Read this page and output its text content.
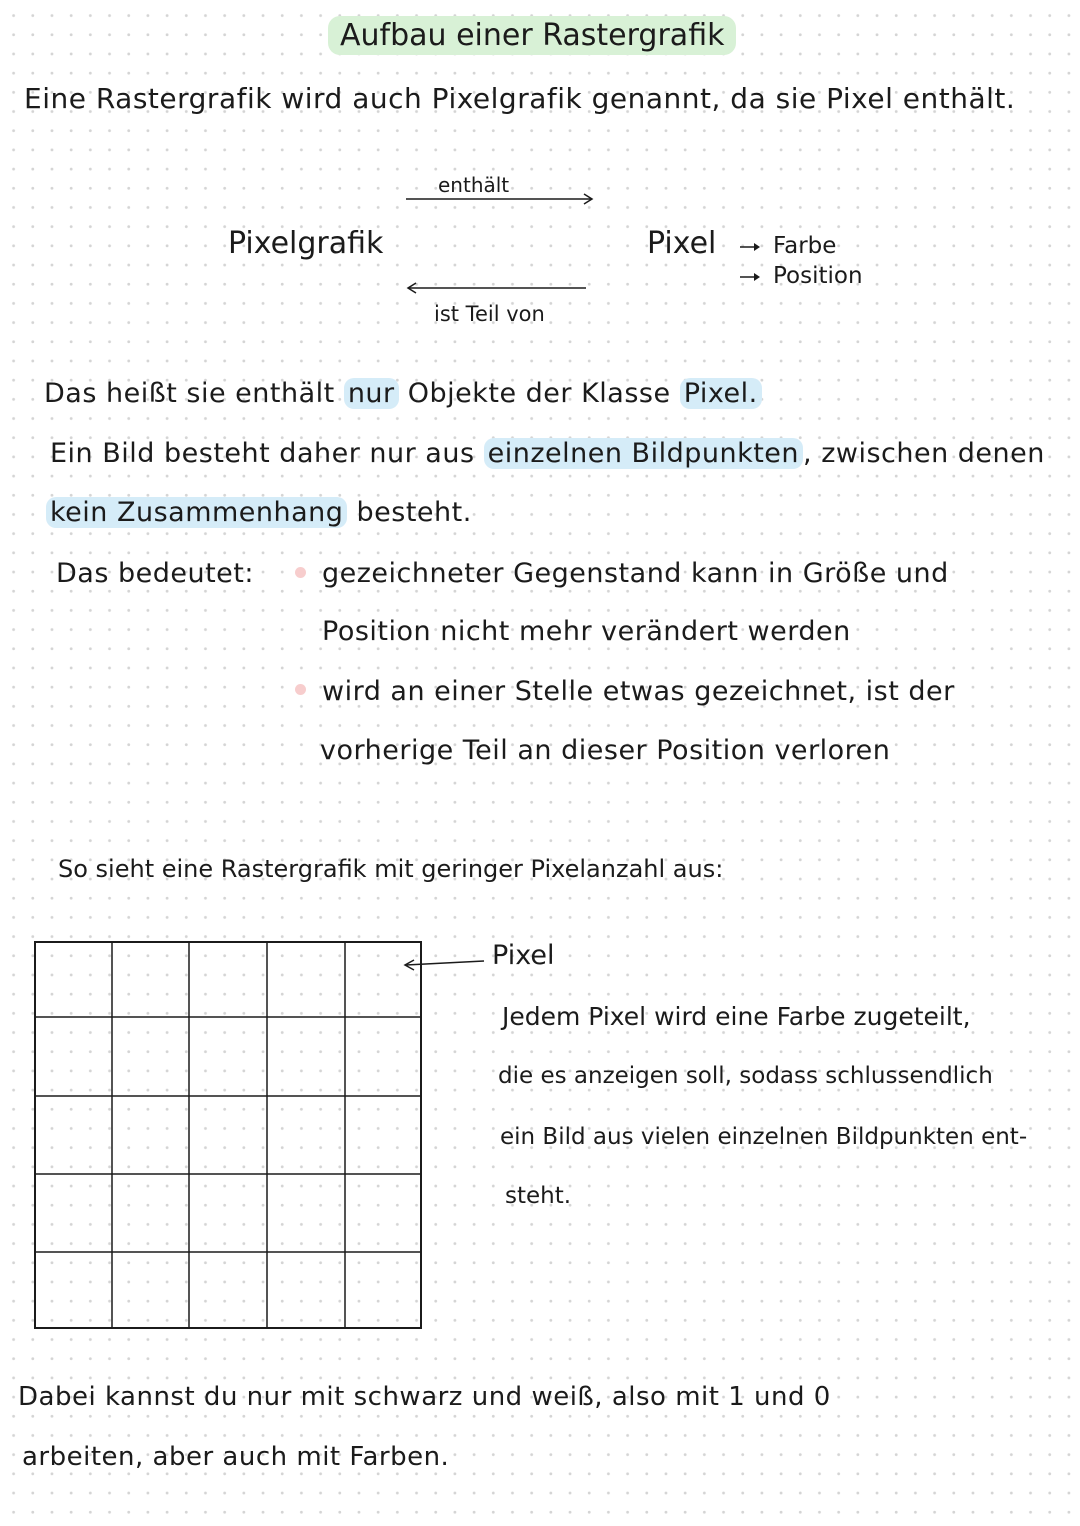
Aufbau einer Rastergrafik
Eine Rastergrafik wird auch Pixelgrafik genannt, da sie Pixel enthält.
enthält
Pixelgrafik	Pixel Farbe
Position
ist Teil von
Das heißt sie enthält nur Objekte der Klasse Pixel.
Ein Bild besteht daher nur aus einzelnen Bildpunkten , zwischen denen
kein Zusammenhang besteht.
Das bedeutet:	gezeichneter Gegenstand kann in Größe und
Position nicht mehr verändert werden
wird an einer Stelle etwas gezeichnet, ist der
vorherige Teil an dieser Position verloren
So sieht eine Rastergrafik mit geringer Pixelanzahl aus:
Pixel
Jedem Pixel wird eine Farbe zugeteilt,
die es anzeigen soll, sodass schlussendlich
ein Bild aus vielen einzelnen Bildpunkten ent-
steht.
Dabei kannst du nur mit schwarz und weiß, also mit 1 und 0
arbeiten, aber auch mit Farben.
